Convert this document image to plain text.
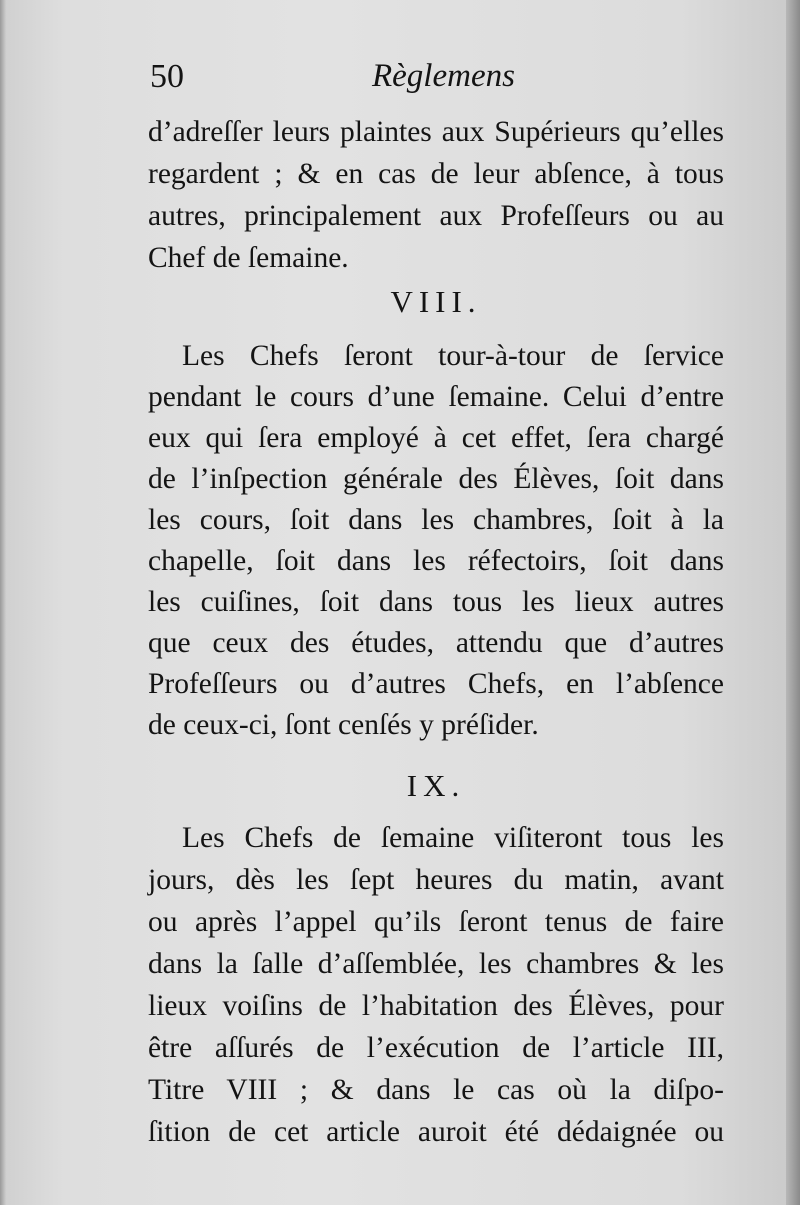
50	Règlemens
d’adreſſer leurs plaintes aux Supérieurs qu’elles
regardent ; & en cas de leur abſence, à tous
autres, principalement aux Profeſſeurs ou au
Chef de ſemaine.
VIII.
Les Chefs ſeront tour-à-tour de ſervice
pendant le cours d’une ſemaine. Celui d’entre
eux qui ſera employé à cet effet, ſera chargé
de l’inſpection générale des Élèves, ſoit dans
les cours, ſoit dans les chambres, ſoit à la
chapelle, ſoit dans les réfectoirs, ſoit dans
les cuiſines, ſoit dans tous les lieux autres
que ceux des études, attendu que d’autres
Profeſſeurs ou d’autres Chefs, en l’abſence
de ceux-ci, ſont cenſés y préſider.
IX.
Les Chefs de ſemaine viſiteront tous les
jours, dès les ſept heures du matin, avant
ou après l’appel qu’ils ſeront tenus de faire
dans la ſalle d’aſſemblée, les chambres & les
lieux voiſins de l’habitation des Élèves, pour
être aſſurés de l’exécution de l’article III,
Titre VIII ; & dans le cas où la diſpo-
ſition de cet article auroit été dédaignée ou
